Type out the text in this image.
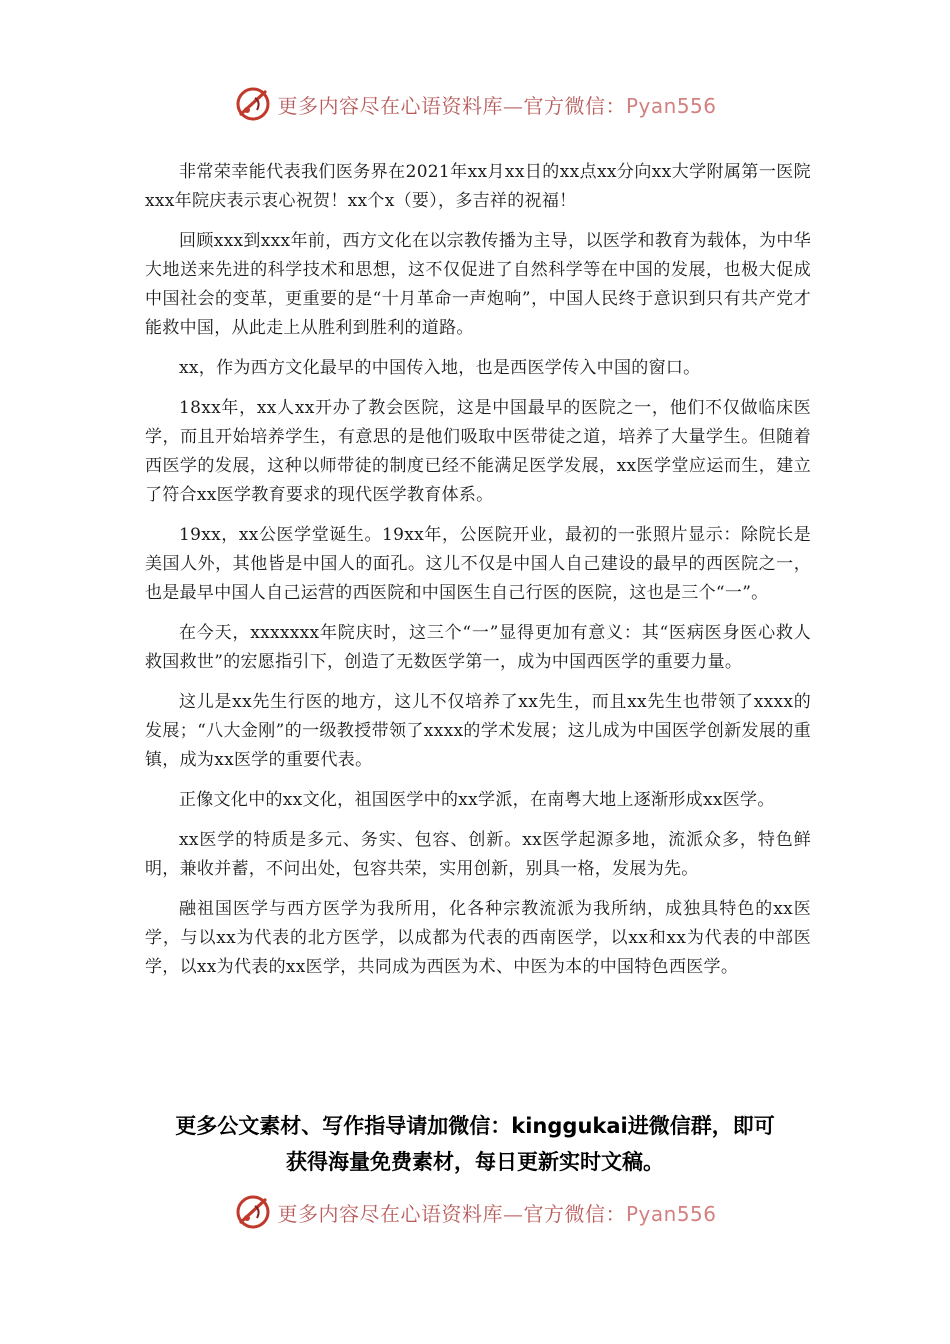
更多内容尽在心语资料库—官方微信：Pyan556

非常荣幸能代表我们医务界在2021年xx月xx日的xx点xx分向xx大学附属第一医院xxx年院庆表示衷心祝贺！xx个x（要），多吉祥的祝福！

回顾xxx到xxx年前，西方文化在以宗教传播为主导，以医学和教育为载体，为中华大地送来先进的科学技术和思想，这不仅促进了自然科学等在中国的发展，也极大促成中国社会的变革，更重要的是“十月革命一声炮响”，中国人民终于意识到只有共产党才能救中国，从此走上从胜利到胜利的道路。

xx，作为西方文化最早的中国传入地，也是西医学传入中国的窗口。

18xx年，xx人xx开办了教会医院，这是中国最早的医院之一，他们不仅做临床医学，而且开始培养学生，有意思的是他们吸取中医带徒之道，培养了大量学生。但随着西医学的发展，这种以师带徒的制度已经不能满足医学发展，xx医学堂应运而生，建立了符合xx医学教育要求的现代医学教育体系。

19xx，xx公医学堂诞生。19xx年，公医院开业，最初的一张照片显示：除院长是美国人外，其他皆是中国人的面孔。这儿不仅是中国人自己建设的最早的西医院之一，也是最早中国人自己运营的西医院和中国医生自己行医的医院，这也是三个“一”。

在今天，xxxxxxx年院庆时，这三个“一”显得更加有意义：其“医病医身医心救人救国救世”的宏愿指引下，创造了无数医学第一，成为中国西医学的重要力量。

这儿是xx先生行医的地方，这儿不仅培养了xx先生，而且xx先生也带领了xxxx的发展；“八大金刚”的一级教授带领了xxxx的学术发展；这儿成为中国医学创新发展的重镇，成为xx医学的重要代表。

正像文化中的xx文化，祖国医学中的xx学派，在南粤大地上逐渐形成xx医学。

xx医学的特质是多元、务实、包容、创新。xx医学起源多地，流派众多，特色鲜明，兼收并蓄，不问出处，包容共荣，实用创新，别具一格，发展为先。

融祖国医学与西方医学为我所用，化各种宗教流派为我所纳，成独具特色的xx医学，与以xx为代表的北方医学，以成都为代表的西南医学，以xx和xx为代表的中部医学，以xx为代表的xx医学，共同成为西医为术、中医为本的中国特色西医学。

更多公文素材、写作指导请加微信：kinggukai进微信群，即可
获得海量免费素材，每日更新实时文稿。
更多内容尽在心语资料库—官方微信：Pyan556
